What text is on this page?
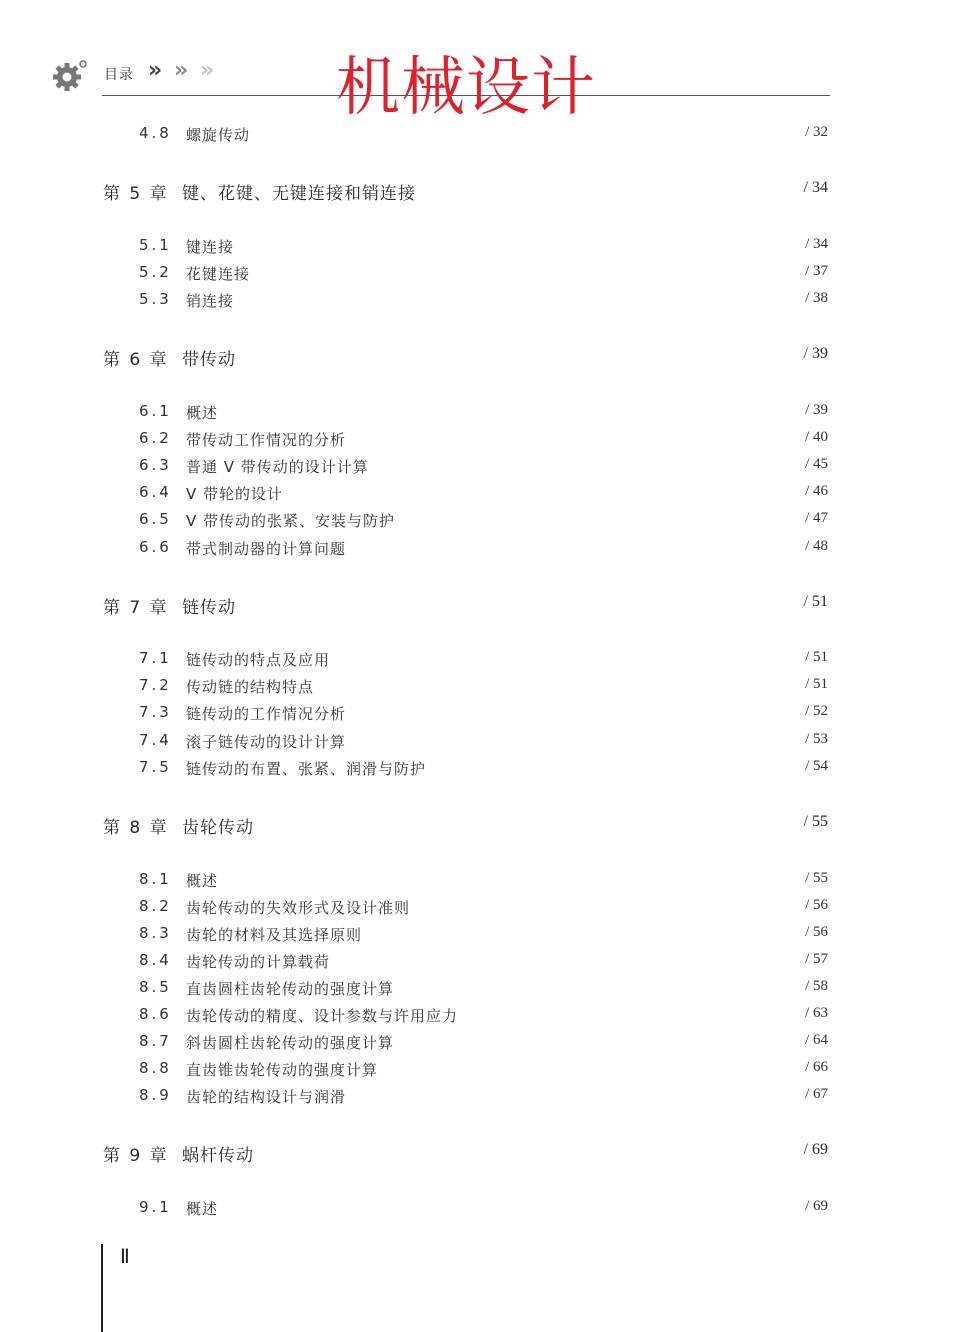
目录 » » » 机械设计
4.8 螺旋传动	/ 32
第 5 章 键、花键、无键连接和销连接	/ 34
5.1 键连接	/ 34
5.2 花键连接	/ 37
5.3 销连接	/ 38
第 6 章 带传动	/ 39
6.1 概述	/ 39
6.2 带传动工作情况的分析	/ 40
6.3 普通 V 带传动的设计计算	/ 45
6.4 V 带轮的设计	/ 46
6.5 V 带传动的张紧、安装与防护	/ 47
6.6 带式制动器的计算问题	/ 48
第 7 章 链传动	/ 51
7.1 链传动的特点及应用	/ 51
7.2 传动链的结构特点	/ 51
7.3 链传动的工作情况分析	/ 52
7.4 滚子链传动的设计计算	/ 53
7.5 链传动的布置、张紧、润滑与防护	/ 54
第 8 章 齿轮传动	/ 55
8.1 概述	/ 55
8.2 齿轮传动的失效形式及设计准则	/ 56
8.3 齿轮的材料及其选择原则	/ 56
8.4 齿轮传动的计算载荷	/ 57
8.5 直齿圆柱齿轮传动的强度计算	/ 58
8.6 齿轮传动的精度、设计参数与许用应力	/ 63
8.7 斜齿圆柱齿轮传动的强度计算	/ 64
8.8 直齿锥齿轮传动的强度计算	/ 66
8.9 齿轮的结构设计与润滑	/ 67
第 9 章 蜗杆传动	/ 69
9.1 概述	/ 69
Ⅱ
